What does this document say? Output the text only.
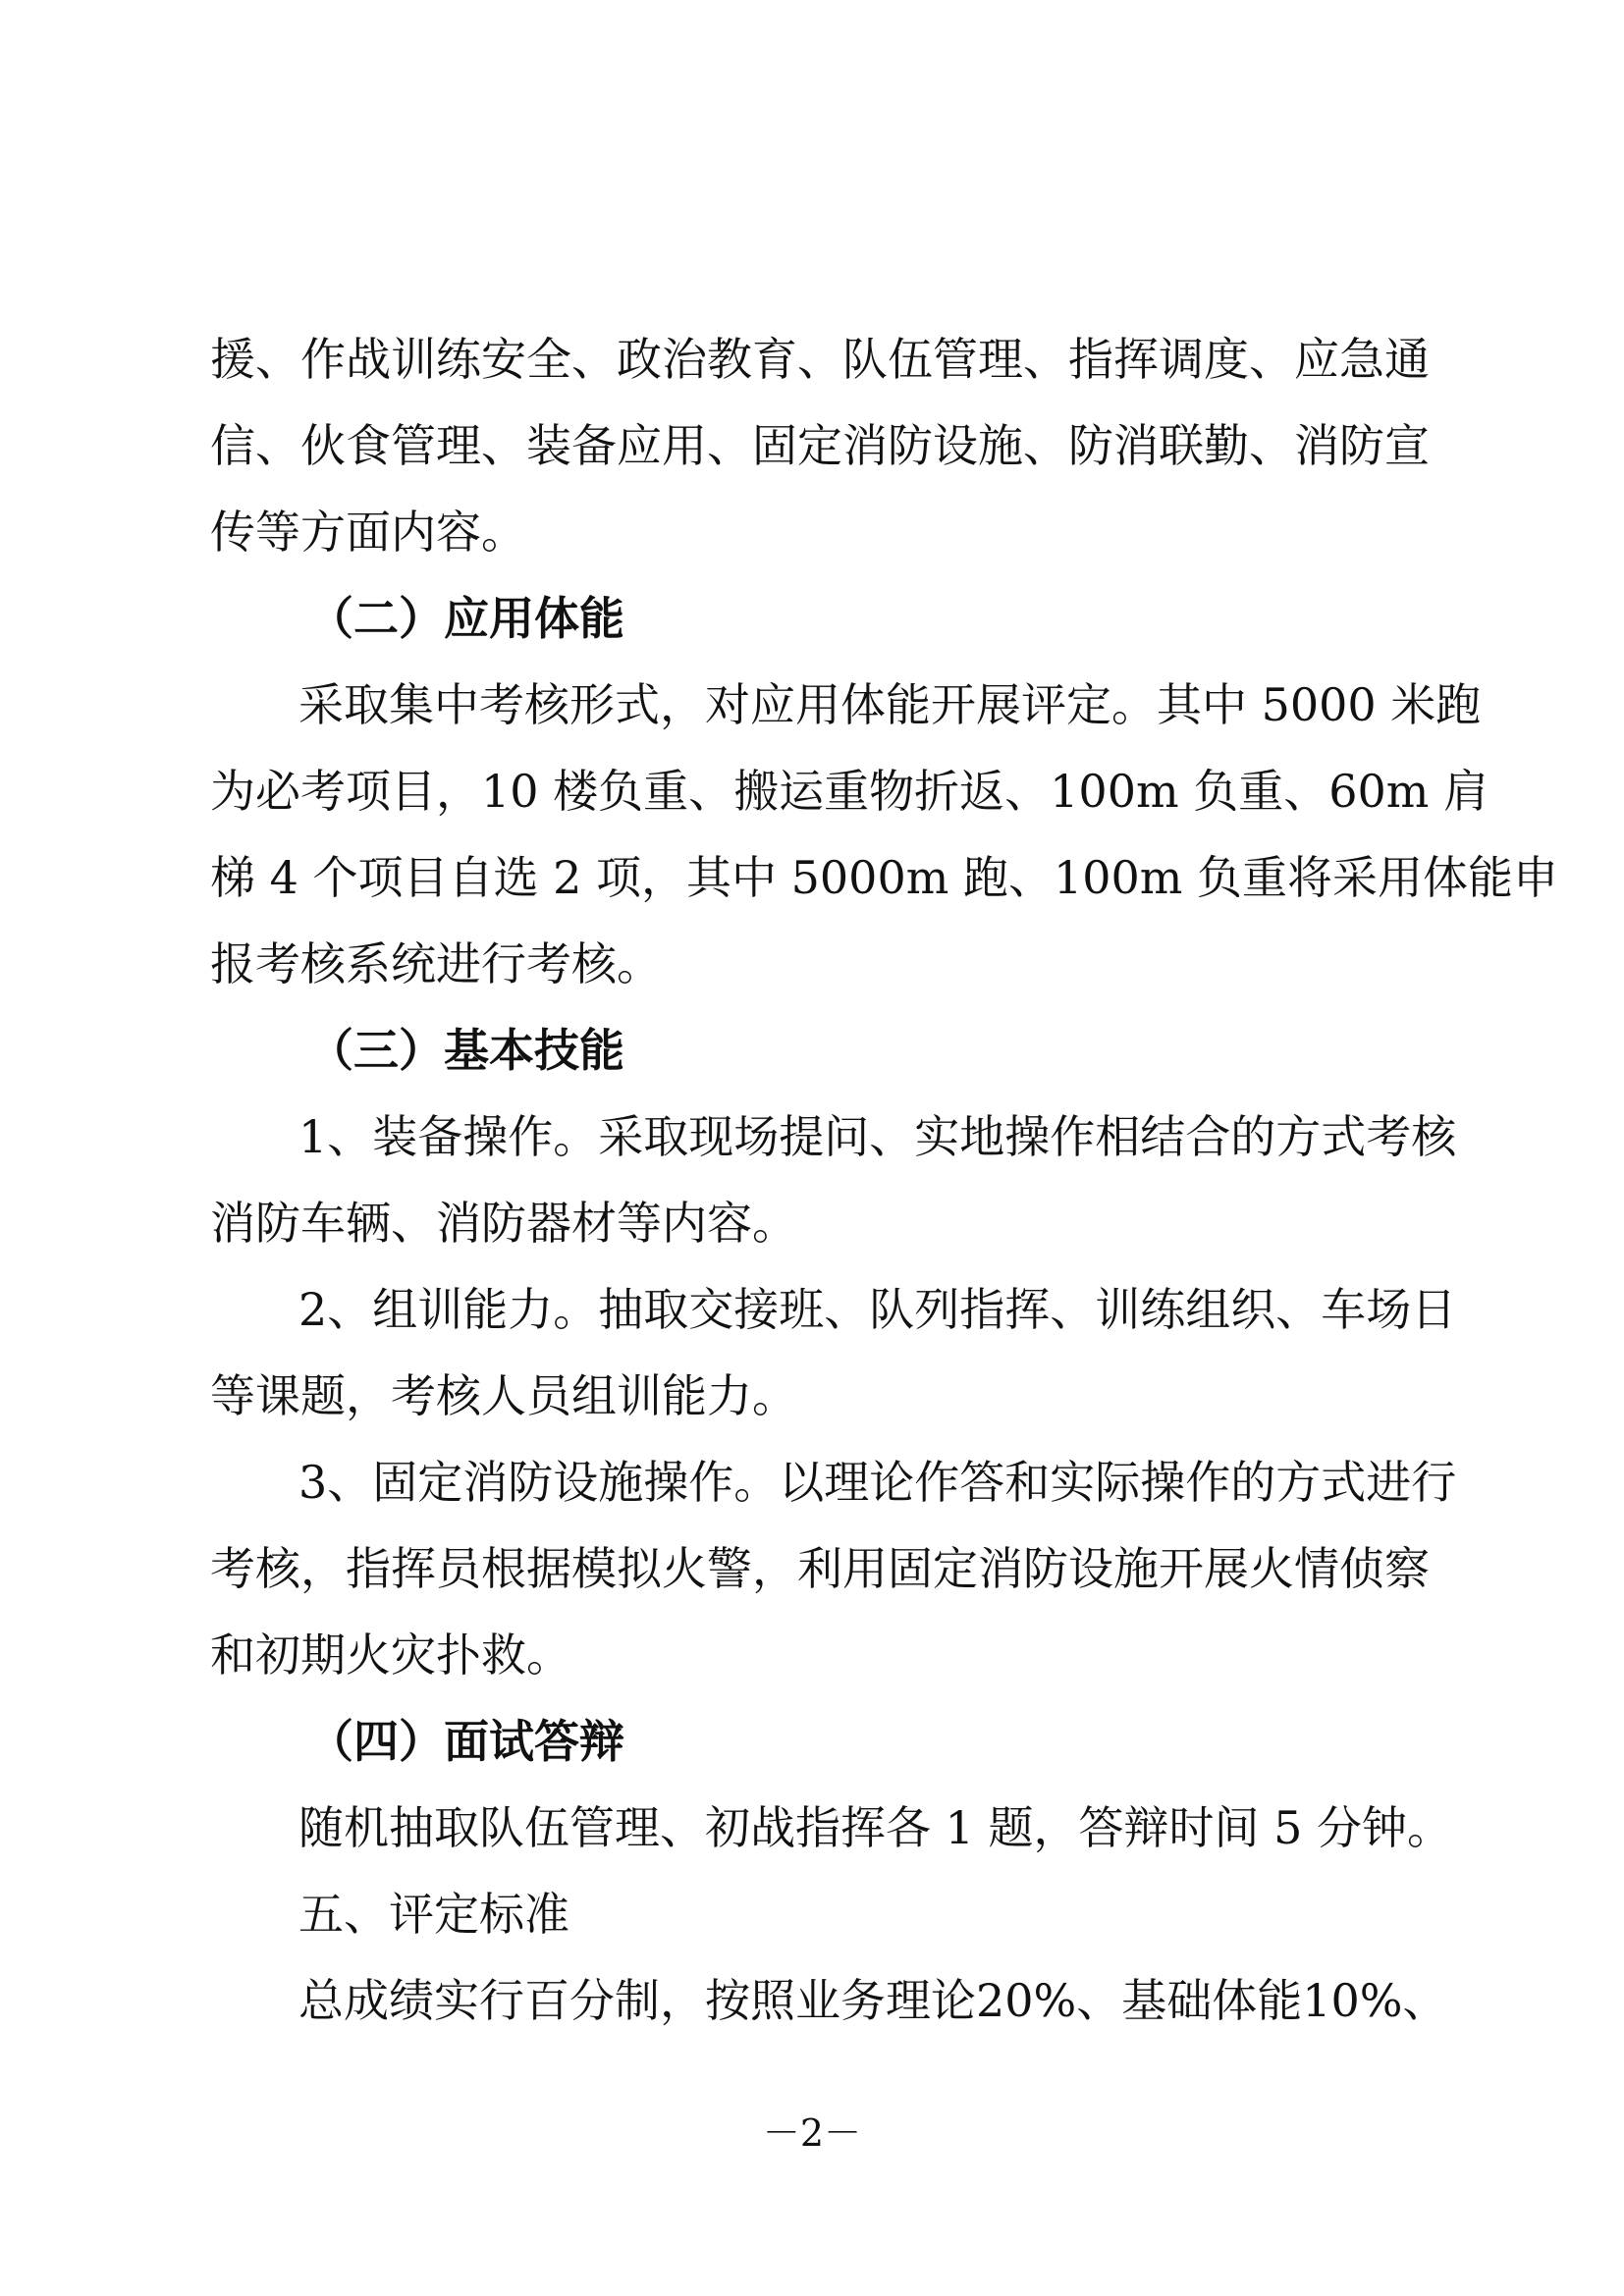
援、作战训练安全、政治教育、队伍管理、指挥调度、应急通
信、伙食管理、装备应用、固定消防设施、防消联勤、消防宣
传等方面内容。
（二）应用体能
采取集中考核形式，对应用体能开展评定。其中 5000 米跑
为必考项目，10 楼负重、搬运重物折返、100m 负重、60m 肩
梯 4 个项目自选 2 项，其中 5000m 跑、100m 负重将采用体能申
报考核系统进行考核。
（三）基本技能
1、装备操作。采取现场提问、实地操作相结合的方式考核
消防车辆、消防器材等内容。
2、组训能力。抽取交接班、队列指挥、训练组织、车场日
等课题，考核人员组训能力。
3、固定消防设施操作。以理论作答和实际操作的方式进行
考核，指挥员根据模拟火警，利用固定消防设施开展火情侦察
和初期火灾扑救。
（四）面试答辩
随机抽取队伍管理、初战指挥各 1 题，答辩时间 5 分钟。
五、评定标准
总成绩实行百分制，按照业务理论20%、基础体能10%、
－2－
